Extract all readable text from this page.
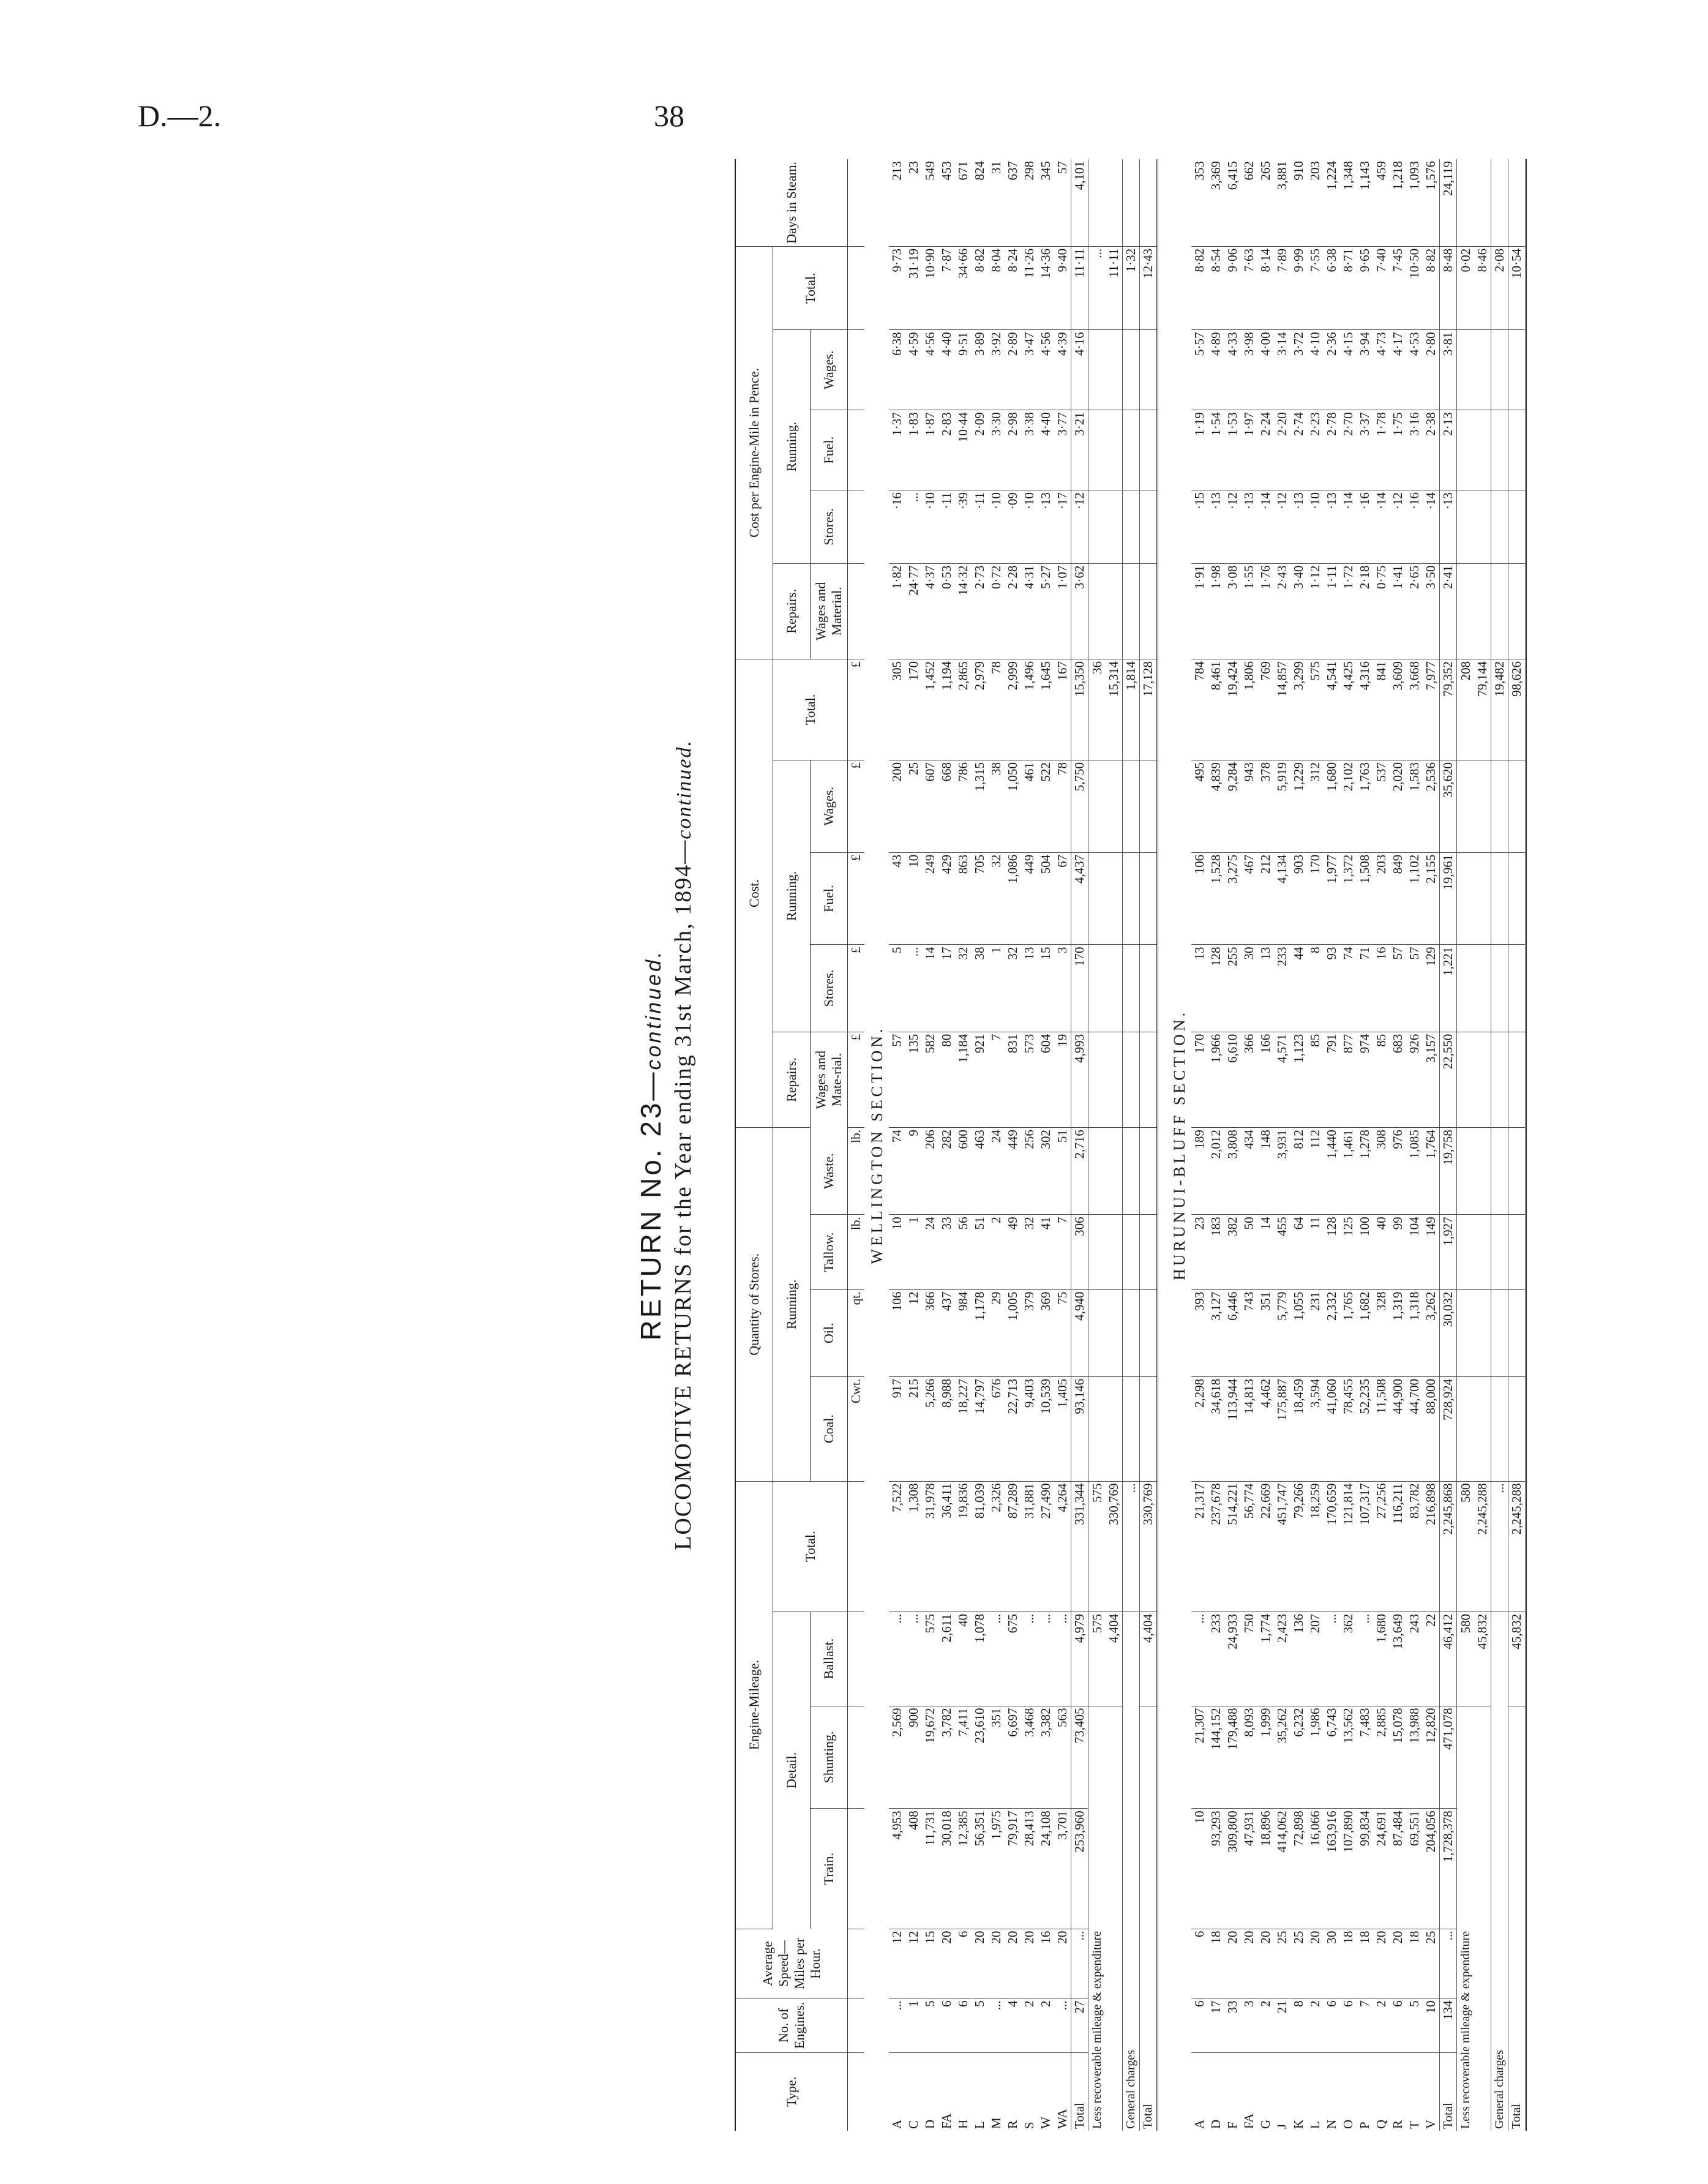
D.—2.	38
RETURN No. 23—continued. LOCOMOTIVE RETURNS for the Year ending 31st March, 1894—continued.
Type.	No. of Engines.	Average Speed—Miles per Hour.	Engine-Mileage.				Quantity of Stores.				Cost.					Cost per Engine-Mile in Pence.					Days in Steam.
			Detail.			Total.	Running.				Repairs.	Running.			Total.	Repairs.	Running.			Total.	
			Train.	Shunting.	Ballast.		Coal.	Oil.	Tallow.	Waste.		Stores.	Fuel.	Wages.			Stores.	Fuel.	Wages.		
											Wages and Mate-rial.					Wages and Material.					
							Cwt.	qt.	lb.	lb.	£	£	£	£	£						
WELLINGTON SECTION.																					
A	...	12	4,953	2,569	...	7,522	917	106	10	74	57	5	43	200	305	1·82	·16	1·37	6·38	9·73	213
C	1	12	408	900	...	1,308	215	12	1	9	135	...	10	25	170	24·77	...	1·83	4·59	31·19	23
D	5	15	11,731	19,672	575	31,978	5,266	366	24	206	582	14	249	607	1,452	4·37	·10	1·87	4·56	10·90	549
FA	6	20	30,018	3,782	2,611	36,411	8,988	437	33	282	80	17	429	668	1,194	0·53	·11	2·83	4·40	7·87	453
H	6	6	12,385	7,411	40	19,836	18,227	984	56	600	1,184	32	863	786	2,865	14·32	·39	10·44	9·51	34·66	671
L	5	20	56,351	23,610	1,078	81,039	14,797	1,178	51	463	921	38	705	1,315	2,979	2·73	·11	2·09	3·89	8·82	824
M	...	20	1,975	351	...	2,326	676	29	2	24	7	1	32	38	78	0·72	·10	3·30	3·92	8·04	31
R	4	20	79,917	6,697	675	87,289	22,713	1,005	49	449	831	32	1,086	1,050	2,999	2·28	·09	2·98	2·89	8·24	637
S	2	20	28,413	3,468	...	31,881	9,403	379	32	256	573	13	449	461	1,496	4·31	·10	3·38	3·47	11·26	298
W	2	16	24,108	3,382	...	27,490	10,539	369	41	302	604	15	504	522	1,645	5·27	·13	4·40	4·56	14·36	345
WA	...	20	3,701	563	...	4,264	1,405	75	7	51	19	3	67	78	167	1·07	·17	3·77	4·39	9·40	57
Total	27	...	253,960	73,405	4,979	331,344	93,146	4,940	306	2,716	4,993	170	4,437	5,750	15,350	3·62	·12	3·21	4·16	11·11	4,101
Less recoverable mileage & expenditure					575	575									36					...	
					4,404	330,769									15,314					11·11	
General charges						...									1,814					1·32	
Total					4,404	330,769									17,128					12·43	

HURUNUI-BLUFF SECTION.																					
A	6	6	10	21,307	...	21,317	2,298	393	23	189	170	13	106	495	784	1·91	·15	1·19	5·57	8·82	353
D	17	18	93,293	144,152	233	237,678	34,618	3,127	183	2,012	1,966	128	1,528	4,839	8,461	1·98	·13	1·54	4·89	8·54	3,369
F	33	20	309,800	179,488	24,933	514,221	113,944	6,446	382	3,808	6,610	255	3,275	9,284	19,424	3·08	·12	1·53	4·33	9·06	6,415
FA	3	20	47,931	8,093	750	56,774	14,813	743	50	434	366	30	467	943	1,806	1·55	·13	1·97	3·98	7·63	662
G	2	20	18,896	1,999	1,774	22,669	4,462	351	14	148	166	13	212	378	769	1·76	·14	2·24	4·00	8·14	265
J	21	25	414,062	35,262	2,423	451,747	175,887	5,779	455	3,931	4,571	233	4,134	5,919	14,857	2·43	·12	2·20	3·14	7·89	3,881
K	8	25	72,898	6,232	136	79,266	18,459	1,055	64	812	1,123	44	903	1,229	3,299	3·40	·13	2·74	3·72	9·99	910
L	2	20	16,066	1,986	207	18,259	3,594	231	11	112	85	8	170	312	575	1·12	·10	2·23	4·10	7·55	203
N	6	30	163,916	6,743	...	170,659	41,060	2,332	128	1,440	791	93	1,977	1,680	4,541	1·11	·13	2·78	2·36	6·38	1,224
O	6	18	107,890	13,562	362	121,814	78,455	1,765	125	1,461	877	74	1,372	2,102	4,425	1·72	·14	2·70	4·15	8·71	1,348
P	7	18	99,834	7,483	...	107,317	52,235	1,682	100	1,278	974	71	1,508	1,763	4,316	2·18	·16	3·37	3·94	9·65	1,143
Q	2	20	24,691	2,885	1,680	27,256	11,508	328	40	308	85	16	203	537	841	0·75	·14	1·78	4·73	7·40	459
R	6	20	87,484	15,078	13,649	116,211	44,900	1,319	99	976	683	57	849	2,020	3,609	1·41	·12	1·75	4·17	7·45	1,218
T	5	18	69,551	13,988	243	83,782	44,700	1,318	104	1,085	926	57	1,102	1,583	3,668	2·65	·16	3·16	4·53	10·50	1,093
V	10	25	204,056	12,820	22	216,898	88,000	3,262	149	1,764	3,157	129	2,155	2,536	7,977	3·50	·14	2·38	2·80	8·82	1,576
Total	134	...	1,728,378	471,078	46,412	2,245,868	728,924	30,032	1,927	19,758	22,550	1,221	19,961	35,620	79,352	2·41	·13	2·13	3·81	8·48	24,119
Less recoverable mileage & expenditure					580	580									208					0·02	
					45,832	2,245,288									79,144					8·46	
General charges						...									19,482					2·08	
Total					45,832	2,245,288									98,626					10·54	
